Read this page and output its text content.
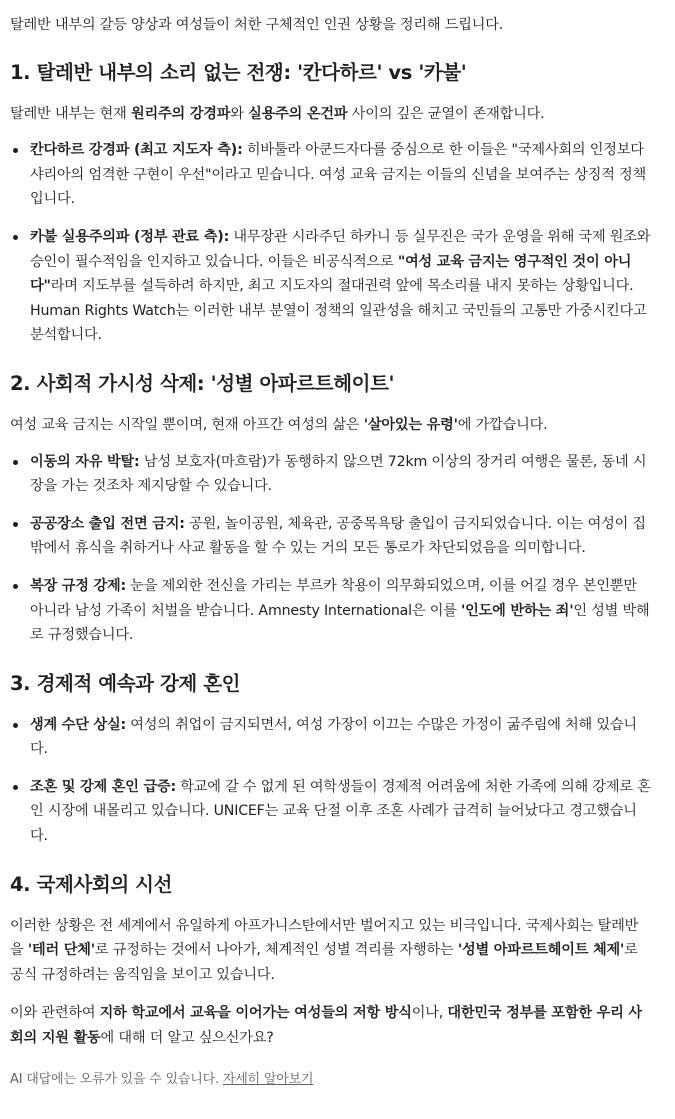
탈레반 내부의 갈등 양상과 여성들이 처한 구체적인 인권 상황을 정리해 드립니다.

1. 탈레반 내부의 소리 없는 전쟁: '칸다하르' vs '카불'

탈레반 내부는 현재 원리주의 강경파와 실용주의 온건파 사이의 깊은 균열이 존재합니다.

칸다하르 강경파 (최고 지도자 측): 히바툴라 아쿤드자다를 중심으로 한 이들은 "국제사회의 인정보다 샤리아의 엄격한 구현이 우선"이라고 믿습니다. 여성 교육 금지는 이들의 신념을 보여주는 상징적 정책입니다.
카불 실용주의파 (정부 관료 측): 내무장관 시라주딘 하카니 등 실무진은 국가 운영을 위해 국제 원조와 승인이 필수적임을 인지하고 있습니다. 이들은 비공식적으로 "여성 교육 금지는 영구적인 것이 아니다"라며 지도부를 설득하려 하지만, 최고 지도자의 절대권력 앞에 목소리를 내지 못하는 상황입니다. Human Rights Watch는 이러한 내부 분열이 정책의 일관성을 해치고 국민들의 고통만 가중시킨다고 분석합니다.
2. 사회적 가시성 삭제: '성별 아파르트헤이트'

여성 교육 금지는 시작일 뿐이며, 현재 아프간 여성의 삶은 '살아있는 유령'에 가깝습니다.

이동의 자유 박탈: 남성 보호자(마흐람)가 동행하지 않으면 72km 이상의 장거리 여행은 물론, 동네 시장을 가는 것조차 제지당할 수 있습니다.
공공장소 출입 전면 금지: 공원, 놀이공원, 체육관, 공중목욕탕 출입이 금지되었습니다. 이는 여성이 집 밖에서 휴식을 취하거나 사교 활동을 할 수 있는 거의 모든 통로가 차단되었음을 의미합니다.
복장 규정 강제: 눈을 제외한 전신을 가리는 부르카 착용이 의무화되었으며, 이를 어길 경우 본인뿐만 아니라 남성 가족이 처벌을 받습니다. Amnesty International은 이를 '인도에 반하는 죄'인 성별 박해로 규정했습니다.
3. 경제적 예속과 강제 혼인
생계 수단 상실: 여성의 취업이 금지되면서, 여성 가장이 이끄는 수많은 가정이 굶주림에 처해 있습니다.
조혼 및 강제 혼인 급증: 학교에 갈 수 없게 된 여학생들이 경제적 어려움에 처한 가족에 의해 강제로 혼인 시장에 내몰리고 있습니다. UNICEF는 교육 단절 이후 조혼 사례가 급격히 늘어났다고 경고했습니다.
4. 국제사회의 시선

이러한 상황은 전 세계에서 유일하게 아프가니스탄에서만 벌어지고 있는 비극입니다. 국제사회는 탈레반을 '테러 단체'로 규정하는 것에서 나아가, 체계적인 성별 격리를 자행하는 '성별 아파르트헤이트 체제'로 공식 규정하려는 움직임을 보이고 있습니다.

이와 관련하여 지하 학교에서 교육을 이어가는 여성들의 저항 방식이나, 대한민국 정부를 포함한 우리 사회의 지원 활동에 대해 더 알고 싶으신가요?

AI 대답에는 오류가 있을 수 있습니다. 자세히 알아보기
